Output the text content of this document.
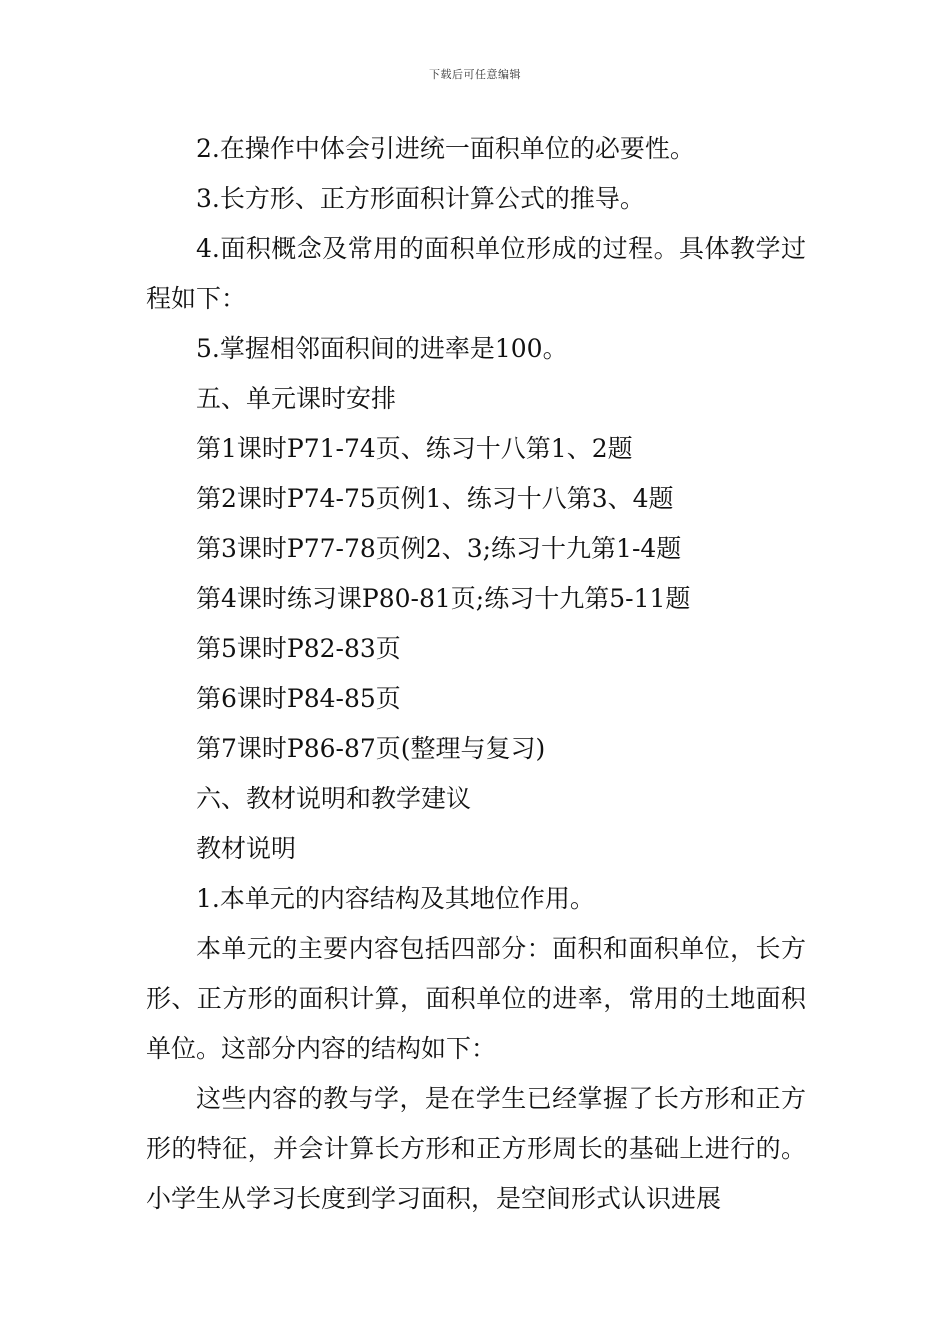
下载后可任意编辑

2.在操作中体会引进统一面积单位的必要性。

3.长方形、正方形面积计算公式的推导。

4.面积概念及常用的面积单位形成的过程。具体教学过程如下：

5.掌握相邻面积间的进率是100。

五、单元课时安排

第1课时P71-74页、练习十八第1、2题

第2课时P74-75页例1、练习十八第3、4题

第3课时P77-78页例2、3;练习十九第1-4题

第4课时练习课P80-81页;练习十九第5-11题

第5课时P82-83页

第6课时P84-85页

第7课时P86-87页(整理与复习)

六、教材说明和教学建议

教材说明

1.本单元的内容结构及其地位作用。

本单元的主要内容包括四部分：面积和面积单位，长方形、正方形的面积计算，面积单位的进率，常用的土地面积单位。这部分内容的结构如下：

这些内容的教与学，是在学生已经掌握了长方形和正方形的特征，并会计算长方形和正方形周长的基础上进行的。小学生从学习长度到学习面积，是空间形式认识进展
